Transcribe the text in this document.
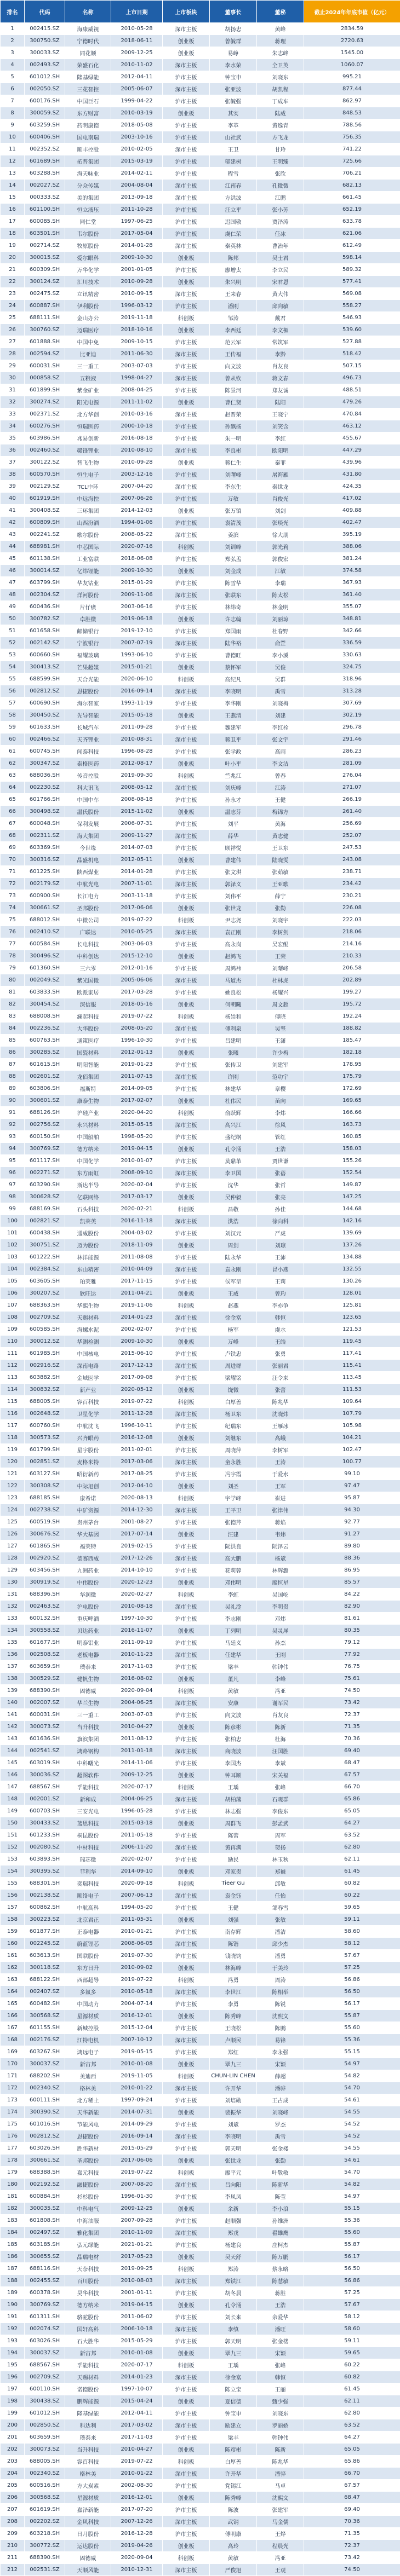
排名	代码	名称	上市日期	上市板块	董事长	董秘	截止2024年年底市值（亿元）
1	002415.SZ	海康威视	2010-05-28	深市主板	胡扬忠	黄峰	2834.59
2	300750.SZ	宁德时代	2018-06-11	创业板	曾毓群	蒋理	2720.63
3	300033.SZ	同花顺	2009-12-25	创业板	易峥	朱志峰	1545.00
4	002493.SZ	荣盛石化	2010-11-02	深市主板	李水荣	全卫英	1060.07
5	601012.SH	隆基绿能	2012-04-11	沪市主板	钟宝申	刘晓东	995.21
6	002050.SZ	三花智控	2005-06-07	深市主板	张亚波	胡凯程	877.44
7	600176.SH	中国巨石	1999-04-22	沪市主板	张毓强	丁成车	862.97
8	300059.SZ	东方财富	2010-03-19	创业板	其实	陆威	848.53
9	603259.SH	药明康德	2018-05-08	沪市主板	李革	黄逸青	788.56
10	600406.SH	国电南瑞	2003-10-16	沪市主板	山社武	方飞龙	756.35
11	002352.SZ	顺丰控股	2010-02-05	深市主板	王卫	甘玲	741.22
12	601689.SH	拓普集团	2015-03-19	沪市主板	邬建树	王明臻	725.66
13	603288.SH	海天味业	2014-02-11	沪市主板	程雪	张欣	706.21
14	002027.SZ	分众传媒	2004-08-04	深市主板	江南春	孔微微	682.13
15	000333.SZ	美的集团	2013-09-18	深市主板	方洪波	江鹏	661.45
16	601100.SH	恒立液压	2011-10-28	沪市主板	汪立平	张小芳	652.19
17	600085.SH	同仁堂	1997-06-25	沪市主板	迟国敬	贾泽涛	633.78
18	603501.SH	韦尔股份	2017-05-04	沪市主板	虞仁荣	任冰	621.06
19	002714.SZ	牧原股份	2014-01-28	深市主板	秦英林	曹治年	612.49
20	300015.SZ	爱尔眼科	2009-10-30	创业板	陈邦	吴士君	598.14
21	600309.SH	万华化学	2001-01-05	沪市主板	廖增太	李立民	589.32
22	300124.SZ	汇川技术	2010-09-28	创业板	朱兴明	宋君恩	577.41
23	002475.SZ	立讯精密	2010-09-15	深市主板	王来春	黄大伟	569.08
24	600887.SH	伊利股份	1996-03-12	沪市主板	潘刚	邱向敏	558.27
25	688111.SH	金山办公	2019-11-18	科创板	邹涛	戴君	546.93
26	300760.SZ	迈瑞医疗	2018-10-16	创业板	李西廷	李文楣	539.60
27	601888.SH	中国中免	2009-10-15	沪市主板	范云军	常筑军	527.88
28	002594.SZ	比亚迪	2011-06-30	深市主板	王传福	李黔	518.42
29	600031.SH	三一重工	2003-07-03	沪市主板	向文波	肖友良	507.15
30	000858.SZ	五粮液	1998-04-27	深市主板	曾从钦	蒋文春	496.73
31	601899.SH	紫金矿业	2008-04-25	沪市主板	陈景河	郑友诚	488.51
32	300274.SZ	阳光电源	2011-11-02	创业板	曹仁贤	陆阳	479.26
33	002371.SZ	北方华创	2010-03-16	深市主板	赵晋荣	王晓宁	470.84
34	600276.SH	恒瑞医药	2000-10-18	沪市主板	孙飘扬	刘笑含	463.12
35	603986.SH	兆易创新	2016-08-18	沪市主板	朱一明	李红	455.67
36	002460.SZ	赣锋锂业	2010-08-10	深市主板	李良彬	欧阳明	447.29
37	300122.SZ	智飞生物	2010-09-28	创业板	蒋仁生	秦菲	439.96
38	600570.SH	恒生电子	2003-12-16	沪市主板	刘曙峰	屠海雁	431.80
39	002129.SZ	TCL中环	2007-04-20	深市主板	李东生	秦世龙	424.35
40	601919.SH	中远海控	2007-06-26	沪市主板	万敏	肖俊光	417.02
41	300408.SZ	三环集团	2014-12-03	创业板	张万镇	刘剑	409.88
42	600809.SH	山西汾酒	1994-01-06	沪市主板	袁清茂	张琰光	402.47
43	002241.SZ	歌尔股份	2008-05-22	深市主板	姜滨	徐大朋	395.19
44	688981.SH	中芯国际	2020-07-16	科创板	刘训峰	郭光莉	388.06
45	601138.SH	工业富联	2018-06-08	沪市主板	郑弘孟	郭俊宏	381.24
46	300014.SZ	亿纬锂能	2009-10-30	创业板	刘金成	江敏	374.58
47	603799.SH	华友钴业	2015-01-29	沪市主板	陈雪华	李瑞	367.93
48	002304.SZ	洋河股份	2009-11-06	深市主板	张联东	陈太松	361.40
49	600436.SH	片仔癀	2003-06-16	沪市主板	林纬奇	林金明	355.07
50	300782.SZ	卓胜微	2019-06-18	创业板	许志翰	刘丽琼	348.81
51	601658.SH	邮储银行	2019-12-10	沪市主板	郑国雨	杜春野	342.66
52	002142.SZ	宁波银行	2007-07-19	深市主板	陆华裕	俞罡	336.59
53	600660.SH	福耀玻璃	1993-06-10	沪市主板	曹德旺	李小溪	330.63
54	300413.SZ	芒果超媒	2015-01-21	创业板	蔡怀军	吴俊	324.75
55	688599.SH	天合光能	2020-06-10	科创板	高纪凡	吴群	318.96
56	002812.SZ	恩捷股份	2016-09-14	深市主板	李晓明	禹雪	313.28
57	600690.SH	海尔智家	1993-11-19	沪市主板	李华刚	刘晓梅	307.69
58	300450.SZ	先导智能	2015-05-18	创业板	王燕清	刘建	302.19
59	601633.SH	长城汽车	2011-09-28	沪市主板	魏建军	李红栓	296.78
60	002466.SZ	天齐锂业	2010-08-31	深市主板	蒋卫平	张文宇	291.46
61	600745.SH	闻泰科技	1996-08-28	沪市主板	张学政	高雨	286.23
62	300347.SZ	泰格医药	2012-08-17	创业板	叶小平	李文洁	281.09
63	688036.SH	传音控股	2019-09-30	科创板	竺兆江	曾春	276.04
64	002230.SZ	科大讯飞	2008-05-12	深市主板	刘庆峰	江涛	271.07
65	601766.SH	中国中车	2008-08-18	沪市主板	孙永才	王健	266.19
66	300498.SZ	温氏股份	2015-11-02	创业板	温志芬	梅锦方	261.40
67	600048.SH	保利发展	2006-07-31	沪市主板	刘平	黄海	256.69
68	002311.SZ	海大集团	2009-11-27	深市主板	薛华	黄志健	252.07
69	603369.SH	今世缘	2014-07-03	沪市主板	顾祥悦	王卫东	247.53
70	300316.SZ	晶盛机电	2012-05-11	创业板	曹建伟	陆晓雯	243.08
71	601225.SH	陕西煤业	2014-01-28	沪市主板	张文琪	张茹敏	238.71
72	002179.SZ	中航光电	2007-11-01	深市主板	郭泽义	王亚歌	234.42
73	600900.SH	长江电力	2003-11-18	沪市主板	刘伟平	薛宁	230.21
74	300661.SZ	圣邦股份	2017-06-06	创业板	张世龙	张勤	226.08
75	688012.SH	中微公司	2019-07-22	科创板	尹志尧	刘晓宇	222.03
76	002410.SZ	广联达	2010-05-25	深市主板	袁正刚	李树剑	218.06
77	600584.SH	长电科技	2003-06-03	沪市主板	高永岗	吴宏鲲	214.16
78	300496.SZ	中科创达	2015-12-10	创业板	赵鸿飞	王荣	210.33
79	601360.SH	三六零	2012-01-16	沪市主板	周鸿祎	刘曙峰	206.58
80	002049.SZ	紫光国微	2005-06-06	深市主板	马道杰	杜林虎	202.89
81	603833.SH	欧派家居	2017-03-28	沪市主板	姚良松	杨耀兴	199.27
82	300454.SZ	深信服	2018-05-16	创业板	何朝曦	周文超	195.72
83	688008.SH	澜起科技	2019-07-22	科创板	杨崇和	傅晓	192.24
84	002236.SZ	大华股份	2008-05-20	深市主板	傅利泉	吴坚	188.82
85	600763.SH	通策医疗	1996-10-30	沪市主板	吕建明	王潇	185.47
86	300285.SZ	国瓷材料	2012-01-13	创业板	张曦	许少梅	182.18
87	601615.SH	明阳智能	2019-01-23	沪市主板	张传卫	刘建军	178.95
88	002601.SZ	龙佰集团	2011-07-15	深市主板	许刚	范功宇	175.79
89	603806.SH	福斯特	2014-09-05	沪市主板	林建华	章樱	172.69
90	300601.SZ	康泰生物	2017-02-07	创业板	杜伟民	苗向	169.65
91	688126.SH	沪硅产业	2020-04-20	科创板	俞跃辉	李炜	166.66
92	002756.SZ	永兴材料	2015-05-15	深市主板	高兴江	徐风	163.73
93	600150.SH	中国船舶	1998-05-20	沪市主板	盛纪纲	管红	160.85
94	300769.SZ	德方纳米	2019-04-15	创业板	孔令涌	王浩	158.03
95	601117.SH	中国化学	2010-01-07	沪市主板	莫鼎革	贾世谦	155.26
96	002271.SZ	东方雨虹	2008-09-10	深市主板	李卫国	张蓓	152.54
97	603290.SH	斯达半导	2020-02-04	沪市主板	沈华	张哲	149.87
98	300628.SZ	亿联网络	2017-03-17	创业板	吴仲毅	张亮	147.25
99	688169.SH	石头科技	2020-02-21	科创板	昌敬	孙佳	144.68
100	002821.SZ	凯莱英	2016-11-18	深市主板	洪浩	徐向科	142.16
101	600438.SH	通威股份	2004-03-02	沪市主板	刘汉元	严虎	139.69
102	300751.SZ	迈为股份	2018-11-09	创业板	周剑	刘琼	137.26
103	601222.SH	林洋能源	2011-08-08	沪市主板	陆永华	王沛	134.88
104	002384.SZ	东山精密	2010-04-09	深市主板	袁永刚	冒小燕	132.55
105	603605.SH	珀莱雅	2017-11-15	沪市主板	侯军呈	王莉	130.26
106	300207.SZ	欣旺达	2011-04-21	创业板	王威	曾玓	128.01
107	688363.SH	华熙生物	2019-11-06	科创板	赵燕	李亦争	125.81
108	002709.SZ	天赐材料	2014-01-23	深市主板	徐金富	韩恒	123.65
109	600585.SH	海螺水泥	2002-02-07	沪市主板	杨军	虞水	121.53
110	300012.SZ	华测检测	2009-10-30	创业板	万峰	王皓	119.45
111	601985.SH	中国核电	2015-06-10	沪市主板	卢铁忠	张勇	117.41
112	002916.SZ	深南电路	2017-12-13	深市主板	周进群	张丽君	115.41
113	603882.SH	金域医学	2017-09-08	沪市主板	梁耀铭	汪令来	113.45
114	300832.SZ	新产业	2020-05-12	创业板	饶微	张蕾	111.53
115	688005.SH	容百科技	2019-07-22	科创板	白厚善	陈兆华	109.64
116	002648.SZ	卫星化学	2011-12-28	深市主板	杨卫东	沈晓炜	107.79
117	600760.SH	中航沈飞	1996-10-11	沪市主板	纪瑞东	王雁冰	105.98
118	300573.SZ	兴齐眼药	2016-12-08	创业板	刘继东	高峨	104.21
119	601799.SH	星宇股份	2011-02-01	沪市主板	周晓萍	李树军	102.47
120	002851.SZ	麦格米特	2017-03-06	深市主板	童永胜	王涛	100.77
121	603127.SH	昭衍新药	2017-08-25	沪市主板	冯宇霞	于爱水	99.10
122	300308.SZ	中际旭创	2012-04-10	创业板	刘圣	王军	97.47
123	688185.SH	康希诺	2020-08-13	科创板	宇学峰	崔进	95.87
124	002738.SZ	中矿资源	2014-12-30	深市主板	王平卫	张津伟	94.30
125	600519.SH	贵州茅台	2001-08-27	沪市主板	张德芹	蒋焰	92.77
126	300676.SZ	华大基因	2017-07-14	创业板	汪建	韦炜	91.27
127	601865.SH	福莱特	2019-02-15	沪市主板	阮洪良	阮泽云	89.80
128	002920.SZ	德赛西威	2017-12-26	深市主板	高大鹏	杨斌	88.36
129	603456.SH	九洲药业	2014-10-10	沪市主板	花莉蓉	林辉潞	86.95
130	300919.SZ	中伟股份	2020-12-23	创业板	邓伟明	廖恒星	85.57
131	688396.SH	华润微	2020-02-27	科创板	李虹	吴国屹	84.22
132	002463.SZ	沪电股份	2010-08-18	深市主板	吴礼淦	李明贵	82.90
133	600132.SH	重庆啤酒	1997-10-30	沪市主板	李志刚	邓炜	81.61
134	300558.SZ	贝达药业	2016-11-07	创业板	丁列明	吴灵犀	80.35
135	601677.SH	明泰铝业	2011-09-19	沪市主板	马廷义	孙杰	79.12
136	002508.SZ	老板电器	2010-11-23	深市主板	任建华	王刚	77.92
137	603659.SH	璞泰来	2017-11-03	沪市主板	梁丰	韩钟伟	76.75
138	300529.SZ	健帆生物	2016-08-02	创业板	董凡	李峰	75.61
139	688390.SH	固德威	2020-09-04	科创板	黄敏	冯亚	74.50
140	002007.SZ	华兰生物	2004-06-25	深市主板	安康	谢军民	73.42
141	600031.SH	三一重工	2003-07-03	沪市主板	向文波	肖友良	72.37
142	300073.SZ	当升科技	2010-04-27	创业板	陈彦彬	陈新	71.35
143	601636.SH	旗滨集团	2011-08-12	沪市主板	张柏忠	杜海	70.36
144	002541.SZ	鸿路钢构	2011-01-18	深市主板	商晓波	汪国胜	69.40
145	603019.SH	中科曙光	2014-11-06	沪市主板	李国杰	李斌	68.47
146	300036.SZ	超图软件	2009-12-25	创业板	钟耳顺	宋关福	67.57
147	688567.SH	孚能科技	2020-07-17	科创板	王瑀	张峰	66.70
148	002001.SZ	新和成	2004-06-25	深市主板	胡柏藩	石观群	65.86
149	600703.SH	三安光电	1996-05-28	沪市主板	林志强	李俊东	65.05
150	300433.SZ	蓝思科技	2015-03-18	创业板	周群飞	彭孟武	64.27
151	601233.SH	桐昆股份	2011-05-18	沪市主板	陈蕾	周军	63.52
152	002080.SZ	中材科技	2006-11-20	深市主板	黄再满	贺扬	62.80
153	603893.SH	瑞芯微	2020-02-07	沪市主板	励民	林玉秋	62.11
154	300395.SZ	菲利华	2014-09-10	创业板	邓家贵	郑巍	61.45
155	688301.SH	奕瑞科技	2020-09-18	科创板	Tieer Gu	邱敏	60.82
156	002138.SZ	顺络电子	2007-06-13	深市主板	袁金钰	任怡	60.22
157	600862.SH	中航高科	1994-05-20	沪市主板	王健	邹春雪	59.65
158	300223.SZ	北京君正	2011-05-31	创业板	刘强	张敏	59.11
159	601877.SH	正泰电器	2010-01-21	沪市主板	南存辉	潘洁	58.60
160	002245.SZ	蔚蓝锂芯	2008-06-05	深市主板	陈锴	邱少杰	58.12
161	603613.SH	国联股份	2019-07-30	沪市主板	钱晓钧	潘勇	57.67
162	300118.SZ	东方日升	2010-09-02	创业板	林海峰	于美玲	57.25
163	688122.SH	西部超导	2019-07-22	科创板	冯勇	周涛	56.86
164	002407.SZ	多氟多	2010-05-18	深市主板	李世江	陈相举	56.50
165	600482.SH	中国动力	2004-07-14	沪市主板	李勇	陈锐	56.17
166	300568.SZ	星源材质	2016-12-01	创业板	陈秀峰	沈熙文	55.87
167	601155.SH	新城控股	2015-12-04	沪市主板	王晓松	陈鹏	55.60
168	002176.SZ	江特电机	2007-10-12	深市主板	卢顺民	易锋	55.36
169	603267.SH	鸿远电子	2019-05-15	沪市主板	郑红	李永强	55.15
170	300037.SZ	新宙邦	2010-01-08	创业板	覃九三	宋颖	54.97
171	688202.SH	美迪西	2019-11-05	科创板	CHUN-LIN CHEN	薛超	54.82
172	002340.SZ	格林美	2010-01-22	深市主板	许开华	潘骅	54.70
173	600111.SH	北方稀土	1997-09-24	沪市主板	刘培勋	王占成	54.61
174	300390.SZ	天华新能	2014-07-31	创业板	裴振华	刘晓峰	54.55
175	601016.SH	节能风电	2014-09-29	沪市主板	刘斌	罗杰	54.52
176	002812.SZ	恩捷股份	2016-09-14	深市主板	李晓明	禹雪	54.52
177	603026.SH	胜华新材	2015-05-29	沪市主板	郭天明	张金楼	54.55
178	300661.SZ	圣邦股份	2017-06-06	创业板	张世龙	张勤	54.61
179	688388.SH	嘉元科技	2019-07-22	科创板	廖平元	叶敬敏	54.70
180	002192.SZ	融捷股份	2007-08-20	深市主板	吕向阳	陈新华	54.82
181	600884.SH	杉杉股份	1996-01-30	沪市主板	李凤凤	陈莹	54.97
182	300035.SZ	中科电气	2009-12-25	创业板	余新	李小浪	55.15
183	601808.SH	中海油服	2007-09-28	沪市主板	赵顺强	孙维洲	55.36
184	002497.SZ	雅化集团	2010-11-09	深市主板	郑戎	翟雄鹰	55.60
185	603185.SH	弘元绿能	2021-01-21	沪市主板	杨建良	庄柯杰	55.87
186	300655.SZ	晶瑞电材	2017-05-23	创业板	吴天舒	陈万鹏	56.17
187	688116.SH	天奈科技	2019-09-25	科创板	郑涛	蔡永略	56.50
188	002455.SZ	百川股份	2010-08-03	深市主板	郑铁江	陈慧敏	56.86
189	600378.SH	昊华科技	2001-01-11	沪市主板	胡冬晨	蒋胜	57.25
190	300769.SZ	德方纳米	2019-04-15	创业板	孔令涌	王浩	57.67
191	601311.SH	骆驼股份	2011-06-02	沪市主板	刘长来	余爱华	58.12
192	002074.SZ	国轩高科	2006-10-18	深市主板	李缜	潘旺	58.60
193	603026.SH	石大胜华	2015-05-29	沪市主板	郭天明	张金楼	59.11
194	300037.SZ	新宙邦	2010-01-08	创业板	覃九三	宋颖	59.65
195	688567.SH	孚能科技	2020-07-17	科创板	王瑀	张峰	60.22
196	002709.SZ	天赐材料	2014-01-23	深市主板	徐金富	韩恒	60.82
197	600110.SH	诺德股份	1997-10-07	沪市主板	陈立宝	王丽	61.45
198	300438.SZ	鹏辉能源	2015-04-24	创业板	夏信德	甄少强	62.11
199	601012.SH	隆基绿能	2012-04-11	沪市主板	钟宝申	刘晓东	62.80
200	002850.SZ	科达利	2017-03-02	深市主板	励建立	罗丽娇	63.52
201	603659.SH	璞泰来	2017-11-03	沪市主板	梁丰	韩钟伟	64.27
202	300073.SZ	当升科技	2010-04-27	创业板	陈彦彬	陈新	65.05
203	688005.SH	容百科技	2019-07-22	科创板	白厚善	陈兆华	65.86
204	002340.SZ	格林美	2010-01-22	深市主板	许开华	潘骅	66.70
205	600516.SH	方大炭素	2002-08-30	沪市主板	党锡江	马卓	67.57
206	300568.SZ	星源材质	2016-12-01	创业板	陈秀峰	沈熙文	68.47
207	601619.SH	嘉泽新能	2017-07-20	沪市主板	陈波	张建军	69.40
208	002202.SZ	金风科技	2007-12-26	深市主板	武钢	马金儒	70.36
209	603218.SH	日月股份	2016-12-28	沪市主板	傅明康	王烨	71.35
210	300772.SZ	运达股份	2019-04-26	创业板	高玲	程晨光	72.37
211	688390.SH	固德威	2020-09-04	科创板	黄敏	冯亚	73.42
212	002531.SZ	天顺风能	2010-12-31	深市主板	严俊旭	王观	74.50
